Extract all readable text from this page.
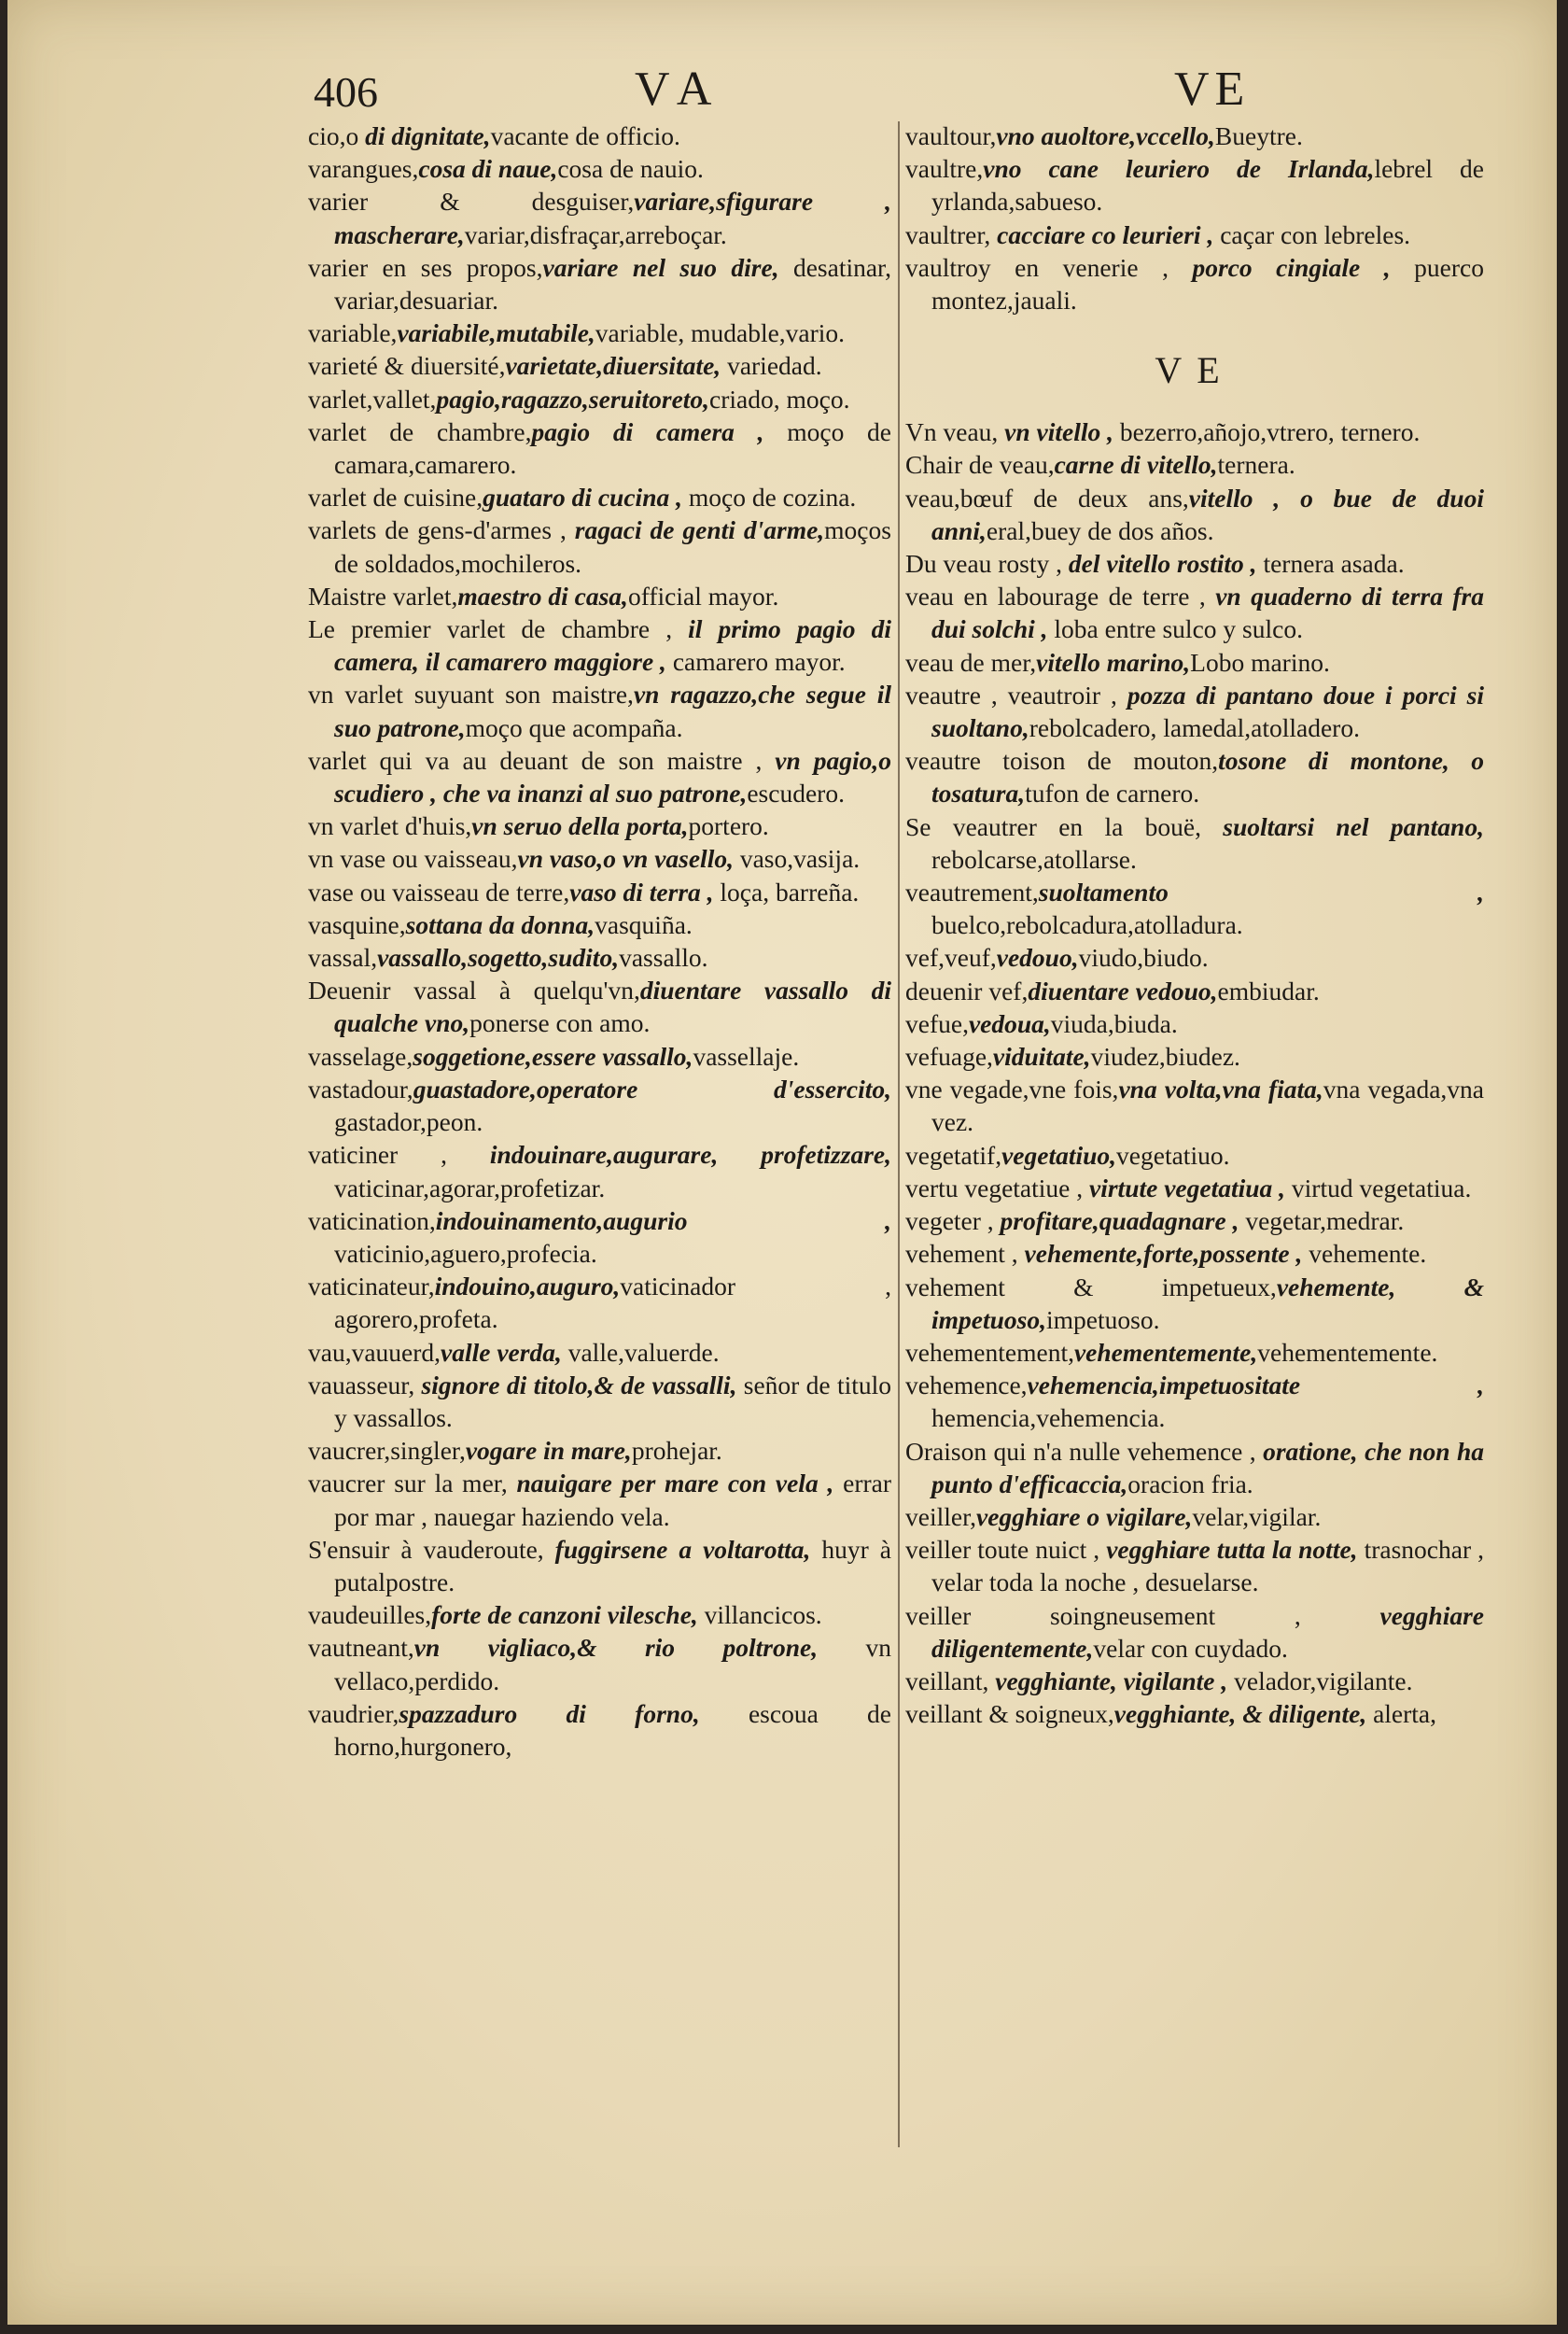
406	VA	VE
cio,o di dignitate,vacante de officio.
varangues,cosa di naue,cosa de nauio.
varier & desguiser,variare,sfigurare , mascherare,variar,disfraçar,arreboçar.
varier en ses propos,variare nel suo dire, desatinar, variar,desuariar.
variable,variabile,mutabile,variable, mudable,vario.
varieté & diuersité,varietate,diuersitate, variedad.
varlet,vallet,pagio,ragazzo,seruitoreto,criado, moço.
varlet de chambre,pagio di camera , moço de camara,camarero.
varlet de cuisine,guataro di cucina , moço de cozina.
varlets de gens-d'armes , ragaci de genti d'arme,moços de soldados,mochileros.
Maistre varlet,maestro di casa,official mayor.
Le premier varlet de chambre , il primo pagio di camera, il camarero maggiore , camarero mayor.
vn varlet suyuant son maistre,vn ragazzo,che segue il suo patrone,moço que acompaña.
varlet qui va au deuant de son maistre , vn pagio,o scudiero , che va inanzi al suo patrone,escudero.
vn varlet d'huis,vn seruo della porta,portero.
vn vase ou vaisseau,vn vaso,o vn vasello, vaso,vasija.
vase ou vaisseau de terre,vaso di terra , loça, barreña.
vasquine,sottana da donna,vasquiña.
vassal,vassallo,sogetto,sudito,vassallo.
Deuenir vassal à quelqu'vn,diuentare vassallo di qualche vno,ponerse con amo.
vasselage,soggetione,essere vassallo,vassellaje.
vastadour,guastadore,operatore d'essercito, gastador,peon.
vaticiner , indouinare,augurare, profetizzare, vaticinar,agorar,profetizar.
vaticination,indouinamento,augurio , vaticinio,aguero,profecia.
vaticinateur,indouino,auguro,vaticinador , agorero,profeta.
vau,vauuerd,valle verda, valle,valuerde.
vauasseur, signore di titolo,& de vassalli, señor de titulo y vassallos.
vaucrer,singler,vogare in mare,prohejar.
vaucrer sur la mer, nauigare per mare con vela , errar por mar , nauegar haziendo vela.
S'ensuir à vauderoute, fuggirsene a voltarotta, huyr à putalpostre.
vaudeuilles,forte de canzoni vilesche, villancicos.
vautneant,vn vigliaco,& rio poltrone, vn vellaco,perdido.
vaudrier,spazzaduro di forno, escoua de horno,hurgonero,
vaultour,vno auoltore,vccello,Bueytre.
vaultre,vno cane leuriero de Irlanda,lebrel de yrlanda,sabueso.
vaultrer, cacciare co leurieri , caçar con lebreles.
vaultroy en venerie , porco cingiale , puerco montez,jauali.
VE
Vn veau, vn vitello , bezerro,añojo,vtrero, ternero.
Chair de veau,carne di vitello,ternera.
veau,bœuf de deux ans,vitello , o bue de duoi anni,eral,buey de dos años.
Du veau rosty , del vitello rostito , ternera asada.
veau en labourage de terre , vn quaderno di terra fra dui solchi , loba entre sulco y sulco.
veau de mer,vitello marino,Lobo marino.
veautre , veautroir , pozza di pantano doue i porci si suoltano,rebolcadero, lamedal,atolladero.
veautre toison de mouton,tosone di montone, o tosatura,tufon de carnero.
Se veautrer en la bouë, suoltarsi nel pantano, rebolcarse,atollarse.
veautrement,suoltamento , buelco,rebolcadura,atolladura.
vef,veuf,vedouo,viudo,biudo.
deuenir vef,diuentare vedouo,embiudar.
vefue,vedoua,viuda,biuda.
vefuage,viduitate,viudez,biudez.
vne vegade,vne fois,vna volta,vna fiata,vna vegada,vna vez.
vegetatif,vegetatiuo,vegetatiuo.
vertu vegetatiue , virtute vegetatiua , virtud vegetatiua.
vegeter , profitare,quadagnare , vegetar,medrar.
vehement , vehemente,forte,possente , vehemente.
vehement & impetueux,vehemente, & impetuoso,impetuoso.
vehementement,vehementemente,vehementemente.
vehemence,vehemencia,impetuositate , hemencia,vehemencia.
Oraison qui n'a nulle vehemence , oratione, che non ha punto d'efficaccia,oracion fria.
veiller,vegghiare o vigilare,velar,vigilar.
veiller toute nuict , vegghiare tutta la notte, trasnochar , velar toda la noche , desuelarse.
veiller soingneusement , vegghiare diligentemente,velar con cuydado.
veillant, vegghiante, vigilante , velador,vigilante.
veillant & soigneux,vegghiante, & diligente, alerta,
